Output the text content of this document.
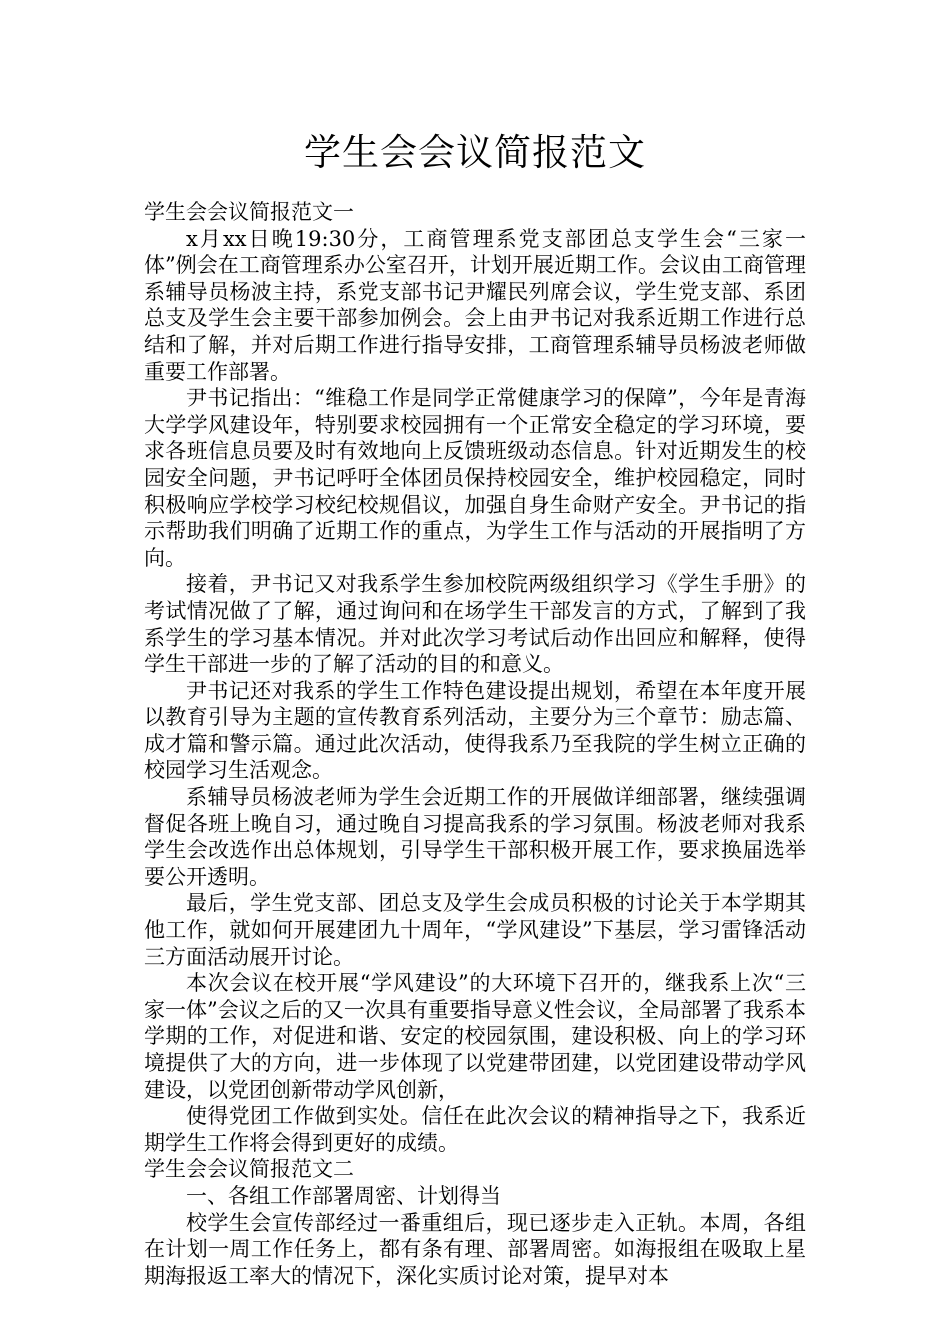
学生会会议简报范文

学生会会议简报范文一

x月xx日晚19:30分，工商管理系党支部团总支学生会“三家一体”例会在工商管理系办公室召开，计划开展近期工作。会议由工商管理系辅导员杨波主持，系党支部书记尹耀民列席会议，学生党支部、系团总支及学生会主要干部参加例会。会上由尹书记对我系近期工作进行总结和了解，并对后期工作进行指导安排，工商管理系辅导员杨波老师做重要工作部署。

尹书记指出：“维稳工作是同学正常健康学习的保障”，今年是青海大学学风建设年，特别要求校园拥有一个正常安全稳定的学习环境，要求各班信息员要及时有效地向上反馈班级动态信息。针对近期发生的校园安全问题，尹书记呼吁全体团员保持校园安全，维护校园稳定，同时积极响应学校学习校纪校规倡议，加强自身生命财产安全。尹书记的指示帮助我们明确了近期工作的重点，为学生工作与活动的开展指明了方向。

接着，尹书记又对我系学生参加校院两级组织学习《学生手册》的考试情况做了了解，通过询问和在场学生干部发言的方式，了解到了我系学生的学习基本情况。并对此次学习考试后动作出回应和解释，使得学生干部进一步的了解了活动的目的和意义。

尹书记还对我系的学生工作特色建设提出规划，希望在本年度开展以教育引导为主题的宣传教育系列活动，主要分为三个章节：励志篇、成才篇和警示篇。通过此次活动，使得我系乃至我院的学生树立正确的校园学习生活观念。

系辅导员杨波老师为学生会近期工作的开展做详细部署，继续强调督促各班上晚自习，通过晚自习提高我系的学习氛围。杨波老师对我系学生会改选作出总体规划，引导学生干部积极开展工作，要求换届选举要公开透明。

最后，学生党支部、团总支及学生会成员积极的讨论关于本学期其他工作，就如何开展建团九十周年，“学风建设”下基层，学习雷锋活动三方面活动展开讨论。

本次会议在校开展“学风建设”的大环境下召开的，继我系上次“三家一体”会议之后的又一次具有重要指导意义性会议，全局部署了我系本学期的工作，对促进和谐、安定的校园氛围，建设积极、向上的学习环境提供了大的方向，进一步体现了以党建带团建，以党团建设带动学风建设，以党团创新带动学风创新，

使得党团工作做到实处。信任在此次会议的精神指导之下，我系近期学生工作将会得到更好的成绩。

学生会会议简报范文二

一、各组工作部署周密、计划得当

校学生会宣传部经过一番重组后，现已逐步走入正轨。本周，各组在计划一周工作任务上，都有条有理、部署周密。如海报组在吸取上星期海报返工率大的情况下，深化实质讨论对策，提早对本
